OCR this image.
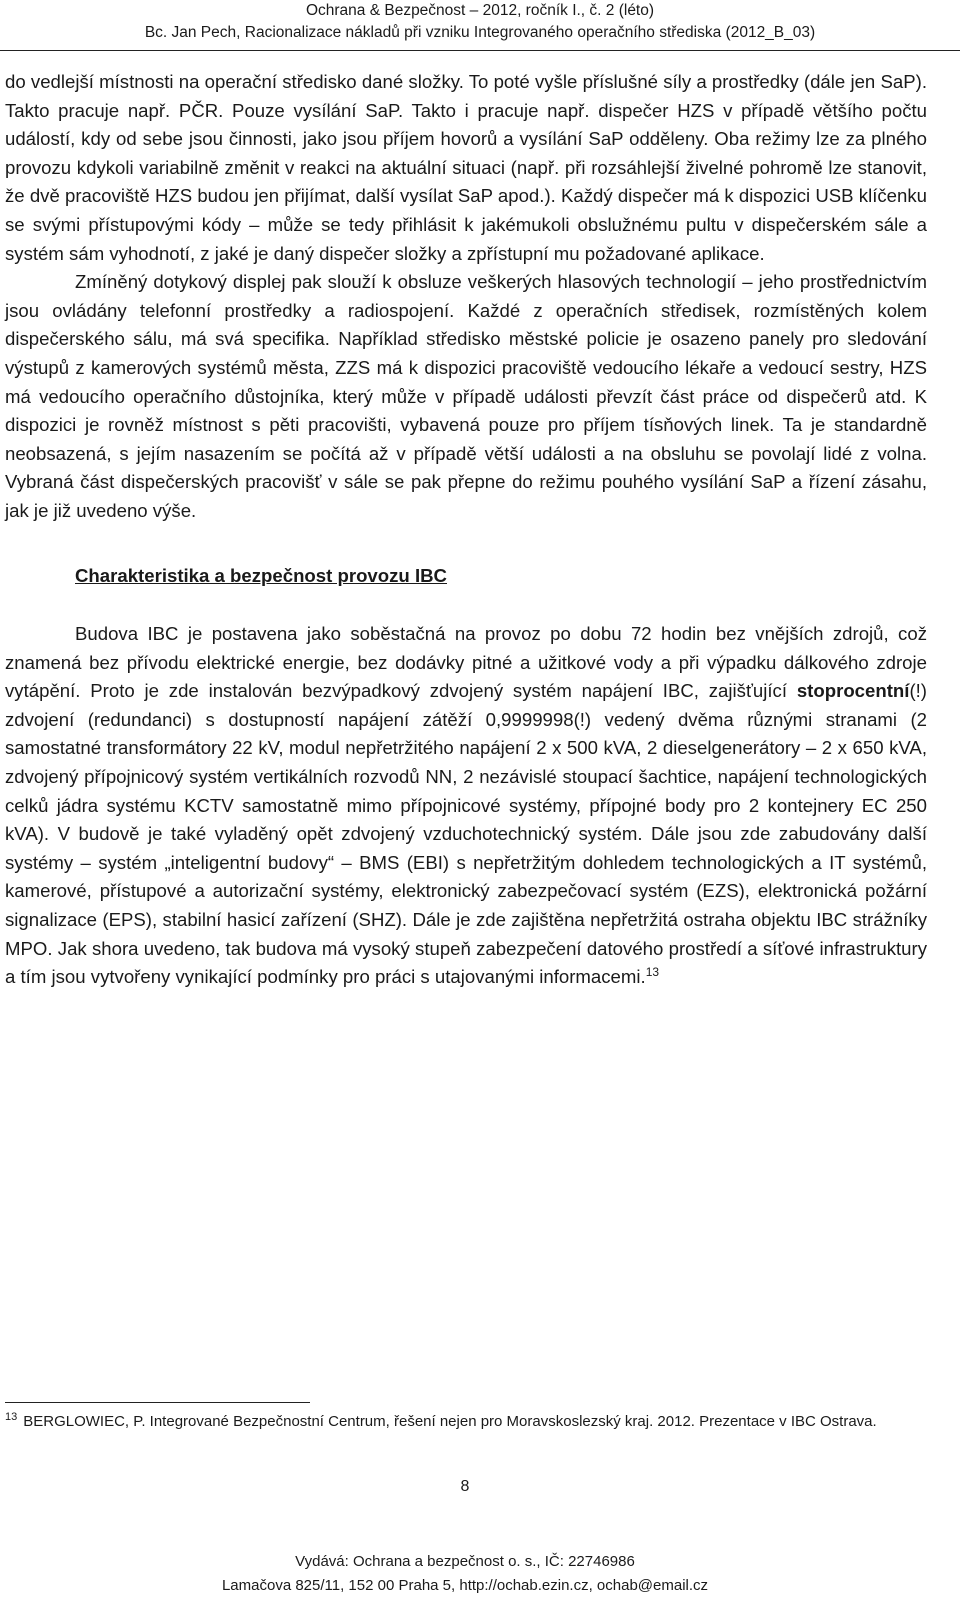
Ochrana & Bezpečnost – 2012, ročník I., č. 2 (léto)
Bc. Jan Pech, Racionalizace nákladů při vzniku Integrovaného operačního střediska (2012_B_03)

do vedlejší místnosti na operační středisko dané složky. To poté vyšle příslušné síly a prostředky (dále jen SaP). Takto pracuje např. PČR. Pouze vysílání SaP. Takto i pracuje např. dispečer HZS v případě většího počtu událostí, kdy od sebe jsou činnosti, jako jsou příjem hovorů a vysílání SaP odděleny. Oba režimy lze za plného provozu kdykoli variabilně změnit v reakci na aktuální situaci (např. při rozsáhlejší živelné pohromě lze stanovit, že dvě pracoviště HZS budou jen přijímat, další vysílat SaP apod.). Každý dispečer má k dispozici USB klíčenku se svými přístupovými kódy – může se tedy přihlásit k jakémukoli obslužnému pultu v dispečerském sále a systém sám vyhodnotí, z jaké je daný dispečer složky a zpřístupní mu požadované aplikace.

Zmíněný dotykový displej pak slouží k obsluze veškerých hlasových technologií – jeho prostřednictvím jsou ovládány telefonní prostředky a radiospojení. Každé z operačních středisek, rozmístěných kolem dispečerského sálu, má svá specifika. Například středisko městské policie je osazeno panely pro sledování výstupů z kamerových systémů města, ZZS má k dispozici pracoviště vedoucího lékaře a vedoucí sestry, HZS má vedoucího operačního důstojníka, který může v případě události převzít část práce od dispečerů atd. K dispozici je rovněž místnost s pěti pracovišti, vybavená pouze pro příjem tísňových linek. Ta je standardně neobsazená, s jejím nasazením se počítá až v případě větší události a na obsluhu se povolají lidé z volna. Vybraná část dispečerských pracovišť v sále se pak přepne do režimu pouhého vysílání SaP a řízení zásahu, jak je již uvedeno výše.

Charakteristika a bezpečnost provozu IBC

Budova IBC je postavena jako soběstačná na provoz po dobu 72 hodin bez vnějších zdrojů, což znamená bez přívodu elektrické energie, bez dodávky pitné a užitkové vody a při výpadku dálkového zdroje vytápění. Proto je zde instalován bezvýpadkový zdvojený systém napájení IBC, zajišťující stoprocentní(!) zdvojení (redundanci) s dostupností napájení zátěží 0,9999998(!) vedený dvěma různými stranami (2 samostatné transformátory 22 kV, modul nepřetržitého napájení 2 x 500 kVA, 2 dieselgenerátory – 2 x 650 kVA, zdvojený přípojnicový systém vertikálních rozvodů NN, 2 nezávislé stoupací šachtice, napájení technologických celků jádra systému KCTV samostatně mimo přípojnicové systémy, přípojné body pro 2 kontejnery EC 250 kVA). V budově je také vyladěný opět zdvojený vzduchotechnický systém. Dále jsou zde zabudovány další systémy – systém „inteligentní budovy“ – BMS (EBI) s nepřetržitým dohledem technologických a IT systémů, kamerové, přístupové a autorizační systémy, elektronický zabezpečovací systém (EZS), elektronická požární signalizace (EPS), stabilní hasicí zařízení (SHZ). Dále je zde zajištěna nepřetržitá ostraha objektu IBC strážníky MPO. Jak shora uvedeno, tak budova má vysoký stupeň zabezpečení datového prostředí a síťové infrastruktury a tím jsou vytvořeny vynikající podmínky pro práci s utajovanými informacemi.$^{13}$

$^{13}$ BERGLOWIEC, P. Integrované Bezpečnostní Centrum, řešení nejen pro Moravskoslezský kraj. 2012. Prezentace v IBC Ostrava.
8
Vydává: Ochrana a bezpečnost o. s., IČ: 22746986
Lamačova 825/11, 152 00 Praha 5, http://ochab.ezin.cz, ochab@email.cz
